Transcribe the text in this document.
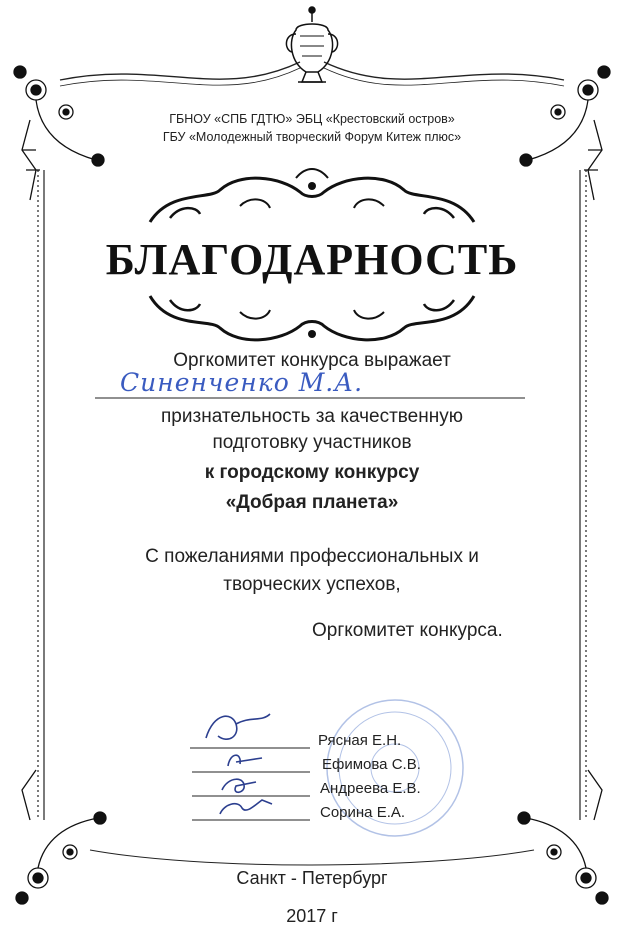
ГБНОУ «СПБ ГДТЮ» ЭБЦ «Крестовский остров»
ГБУ «Молодежный творческий Форум Китеж плюс»
БЛАГОДАРНОСТЬ
Оргкомитет конкурса выражает
Синенченко М.А.
признательность за качественную
подготовку участников
к городскому конкурсу
«Добрая планета»
С пожеланиями профессиональных и
творческих успехов,
Оргкомитет конкурса.
Рясная Е.Н.
Ефимова С.В.
Андреева Е.В.
Сорина Е.А.
Санкт - Петербург
2017 г
